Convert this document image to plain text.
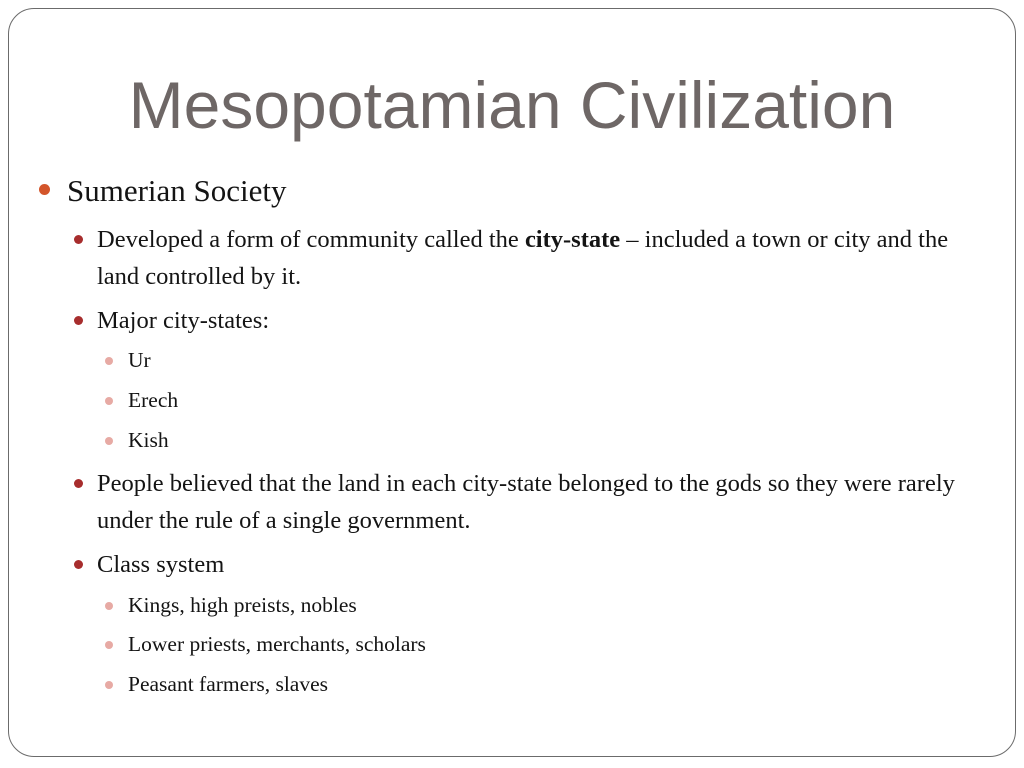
Mesopotamian Civilization
Sumerian Society
Developed a form of community called the city-state – included a town or city and the land controlled by it.
Major city-states:
Ur
Erech
Kish
People believed that the land in each city-state belonged to the gods so they were rarely under the rule of a single government.
Class system
Kings, high preists, nobles
Lower priests, merchants, scholars
Peasant farmers, slaves
